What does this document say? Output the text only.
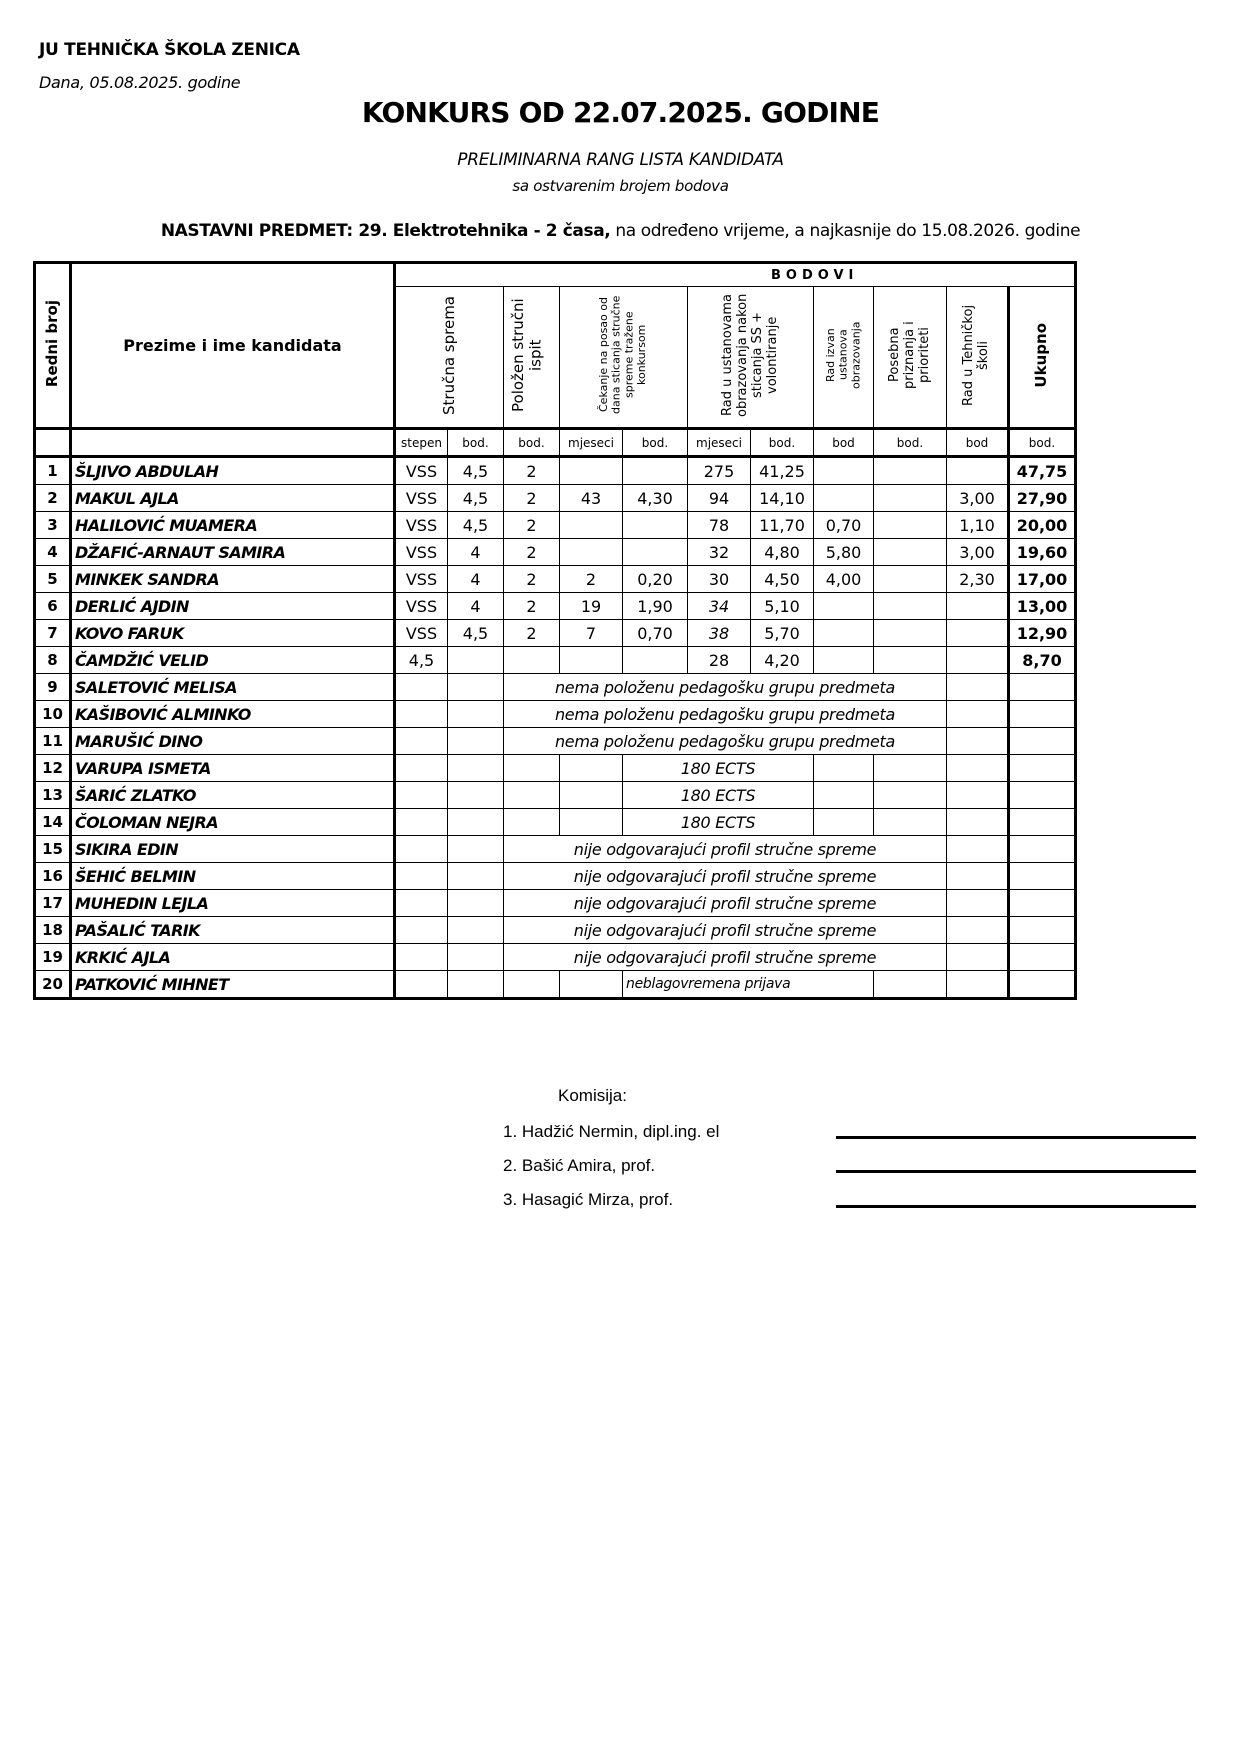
JU TEHNIČKA ŠKOLA ZENICA
Dana, 05.08.2025. godine
KONKURS OD 22.07.2025. GODINE
PRELIMINARNA RANG LISTA KANDIDATA
sa ostvarenim brojem bodova
NASTAVNI PREDMET: 29. Elektrotehnika - 2 časa, na određeno vrijeme, a najkasnije do 15.08.2026. godine
Redni broj	Prezime i ime kandidata	BODOVI										
		Stručna sprema		Položen stručni ispit	Čekanje na posao od dana sticanja stručne spreme tražene konkursom		Rad u ustanovama obrazovanja nakon sticanja SS + volontiranje		Rad izvan ustanova obrazovanja	Posebna priznanja i prioriteti	Rad u Tehničkoj školi	Ukupno
		stepen	bod.	bod.	mjeseci	bod.	mjeseci	bod.	bod	bod.	bod	bod.
1	ŠLJIVO ABDULAH	VSS	4,5	2			275	41,25				47,75
2	MAKUL AJLA	VSS	4,5	2	43	4,30	94	14,10			3,00	27,90
3	HALILOVIĆ MUAMERA	VSS	4,5	2			78	11,70	0,70		1,10	20,00
4	DŽAFIĆ-ARNAUT SAMIRA	VSS	4	2			32	4,80	5,80		3,00	19,60
5	MINKEK SANDRA	VSS	4	2	2	0,20	30	4,50	4,00		2,30	17,00
6	DERLIĆ AJDIN	VSS	4	2	19	1,90	34	5,10				13,00
7	KOVO FARUK	VSS	4,5	2	7	0,70	38	5,70				12,90
8	ČAMDŽIĆ VELID	4,5					28	4,20				8,70
9	SALETOVIĆ MELISA			nema položenu pedagošku grupu predmeta								
10	KAŠIBOVIĆ ALMINKO			nema položenu pedagošku grupu predmeta								
11	MARUŠIĆ DINO			nema položenu pedagošku grupu predmeta								
12	VARUPA ISMETA					180 ECTS						
13	ŠARIĆ ZLATKO					180 ECTS						
14	ČOLOMAN NEJRA					180 ECTS						
15	SIKIRA EDIN			nije odgovarajući profil stručne spreme								
16	ŠEHIĆ BELMIN			nije odgovarajući profil stručne spreme								
17	MUHEDIN LEJLA			nije odgovarajući profil stručne spreme								
18	PAŠALIĆ TARIK			nije odgovarajući profil stručne spreme								
19	KRKIĆ AJLA			nije odgovarajući profil stručne spreme								
20	PATKOVIĆ MIHNET					neblagovremena prijava						
Komisija:
1. Hadžić Nermin, dipl.ing. el
2. Bašić Amira, prof.
3. Hasagić Mirza, prof.
